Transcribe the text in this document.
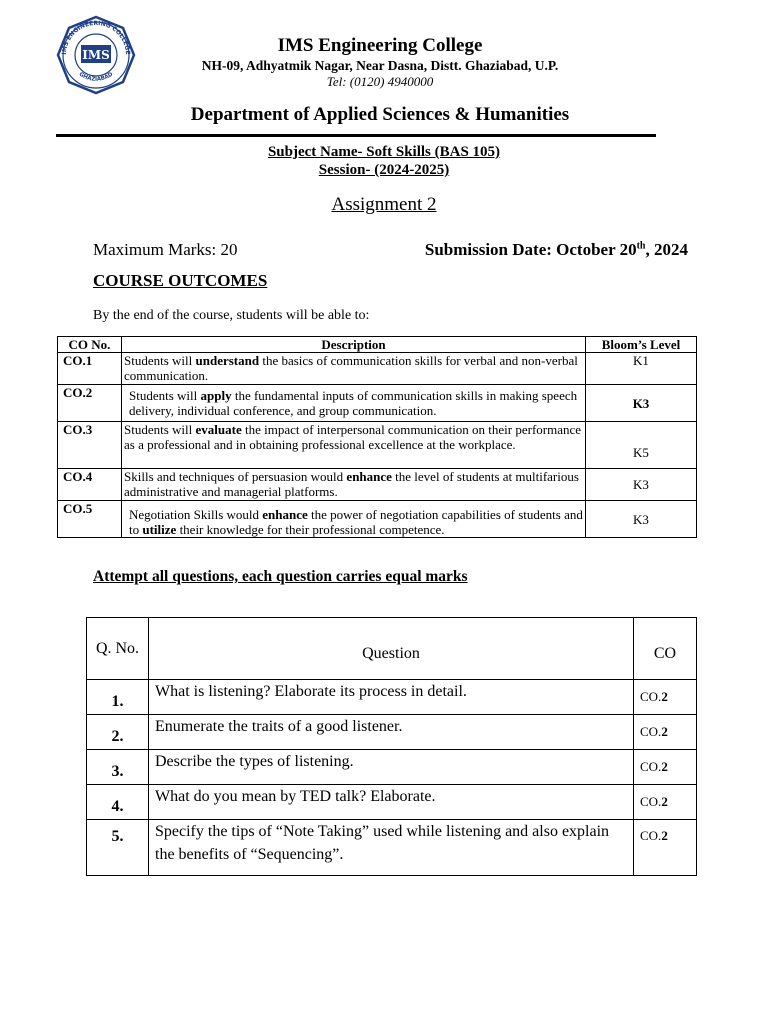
IMS ENGINEERING COLLEGE
GHAZIABAD
IMS	IMS Engineering College
NH-09, Adhyatmik Nagar, Near Dasna, Distt. Ghaziabad, U.P.
Tel: (0120) 4940000
Department of Applied Sciences & Humanities
Subject Name- Soft Skills (BAS 105)
Session- (2024-2025)
Assignment 2
Maximum Marks: 20	Submission Date: October 20th, 2024
COURSE OUTCOMES
By the end of the course, students will be able to:
CO No.	Description	Bloom’s Level
CO.1	Students will understand the basics of communication skills for verbal and non-verbal communication.	K1
CO.2	Students will apply the fundamental inputs of communication skills in making speech delivery, individual conference, and group communication.	K3
CO.3	Students will evaluate the impact of interpersonal communication on their performance as a professional and in obtaining professional excellence at the workplace.	K5
CO.4	Skills and techniques of persuasion would enhance the level of students at multifarious administrative and managerial platforms.	K3
CO.5	Negotiation Skills would enhance the power of negotiation capabilities of students and to utilize their knowledge for their professional competence.	K3
Attempt all questions, each question carries equal marks
Q. No.	Question	CO
1.	What is listening? Elaborate its process in detail.	CO.2
2.	Enumerate the traits of a good listener.	CO.2
3.	Describe the types of listening.	CO.2
4.	What do you mean by TED talk? Elaborate.	CO.2
5.	Specify the tips of “Note Taking” used while listening and also explain the benefits of “Sequencing”.	CO.2
